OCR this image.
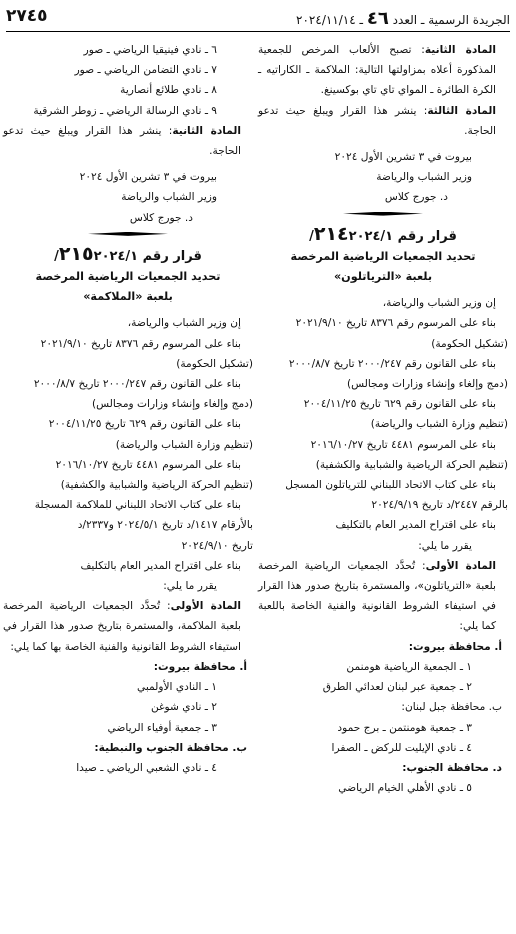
الجريدة الرسمية ـ العدد ٤٦ ـ ٢٠٢٤/١١/١٤
٢٧٤٥

المادة الثانية: تصبح الألعاب المرخص للجمعية المذكورة أعلاه بمزاولتها التالية: الملاكمة ـ الكاراتيه ـ الكرة الطائرة ـ المواي تاي تاي بوكسينغ.

المادة الثالثة: ينشر هذا القرار ويبلغ حيث تدعو الحاجة.

بيروت في ٣ تشرين الأول ٢٠٢٤

وزير الشباب والرياضة

د. جورج كلاس

قرار رقم ٢١٤٢٠٢٤/١/

تحديد الجمعيات الرياضية المرخصة

بلعبة «الترياتلون»

إن وزير الشباب والرياضة،

بناء على المرسوم رقم ٨٣٧٦ تاريخ ٢٠٢١/٩/١٠

(تشكيل الحكومة)

بناء على القانون رقم ٢٠٠٠/٢٤٧ تاريخ ٢٠٠٠/٨/٧

(دمج وإلغاء وإنشاء وزارات ومجالس)

بناء على القانون رقم ٦٢٩ تاريخ ٢٠٠٤/١١/٢٥

(تنظيم وزارة الشباب والرياضة)

بناء على المرسوم ٤٤٨١ تاريخ ٢٠١٦/١٠/٢٧

(تنظيم الحركة الرياضية والشبابية والكشفية)

بناء على كتاب الاتحاد اللبناني للترياتلون المسجل

بالرقم ٢٤٤٧/د تاريخ ٢٠٢٤/٩/١٩

بناء على اقتراح المدير العام بالتكليف

يقرر ما يلي:

المادة الأولى: تُحدَّد الجمعيات الرياضية المرخصة بلعبة «الترياتلون»، والمستمرة بتاريخ صدور هذا القرار في استيفاء الشروط القانونية والفنية الخاصة باللعبة كما يلي:

أ. محافظة بيروت:

١ ـ الجمعية الرياضية هومنمن

٢ ـ جمعية عبر لبنان لعدائي الطرق

ب. محافظة جبل لبنان:

٣ ـ جمعية هومنتمن ـ برج حمود

٤ ـ نادي الإيليت للركض ـ الصفرا

د. محافظة الجنوب:

٥ ـ نادي الأهلي الخيام الرياضي

٦ ـ نادي فينيقيا الرياضي ـ صور

٧ ـ نادي التضامن الرياضي ـ صور

٨ ـ نادي طلائع أنصارية

٩ ـ نادي الرسالة الرياضي ـ زوطر الشرقية

المادة الثانية: ينشر هذا القرار ويبلغ حيث تدعو الحاجة.

بيروت في ٣ تشرين الأول ٢٠٢٤

وزير الشباب والرياضة

د. جورج كلاس

قرار رقم ٢١٥٢٠٢٤/١/

تحديد الجمعيات الرياضية المرخصة

بلعبة «الملاكمة»

إن وزير الشباب والرياضة،

بناء على المرسوم رقم ٨٣٧٦ تاريخ ٢٠٢١/٩/١٠

(تشكيل الحكومة)

بناء على القانون رقم ٢٠٠٠/٢٤٧ تاريخ ٢٠٠٠/٨/٧

(دمج وإلغاء وإنشاء وزارات ومجالس)

بناء على القانون رقم ٦٢٩ تاريخ ٢٠٠٤/١١/٢٥

(تنظيم وزارة الشباب والرياضة)

بناء على المرسوم ٤٤٨١ تاريخ ٢٠١٦/١٠/٢٧

(تنظيم الحركة الرياضية والشبابية والكشفية)

بناء على كتاب الاتحاد اللبناني للملاكمة المسجلة

بالأرقام ١٤١٧/د تاريخ ٢٠٢٤/٥/١ و٢٣٣٧/د

تاريخ ٢٠٢٤/٩/١٠

بناء على اقتراح المدير العام بالتكليف

يقرر ما يلي:

المادة الأولى: تُحدَّد الجمعيات الرياضية المرخصة بلعبة الملاكمة، والمستمرة بتاريخ صدور هذا القرار في استيفاء الشروط القانونية والفنية الخاصة بها كما يلي:

أ. محافظة بيروت:

١ ـ النادي الأولمبي

٢ ـ نادي شوغن

٣ ـ جمعية أوفياء الرياضي

ب. محافظة الجنوب والنبطية:

٤ ـ نادي الشعبي الرياضي ـ صيدا
